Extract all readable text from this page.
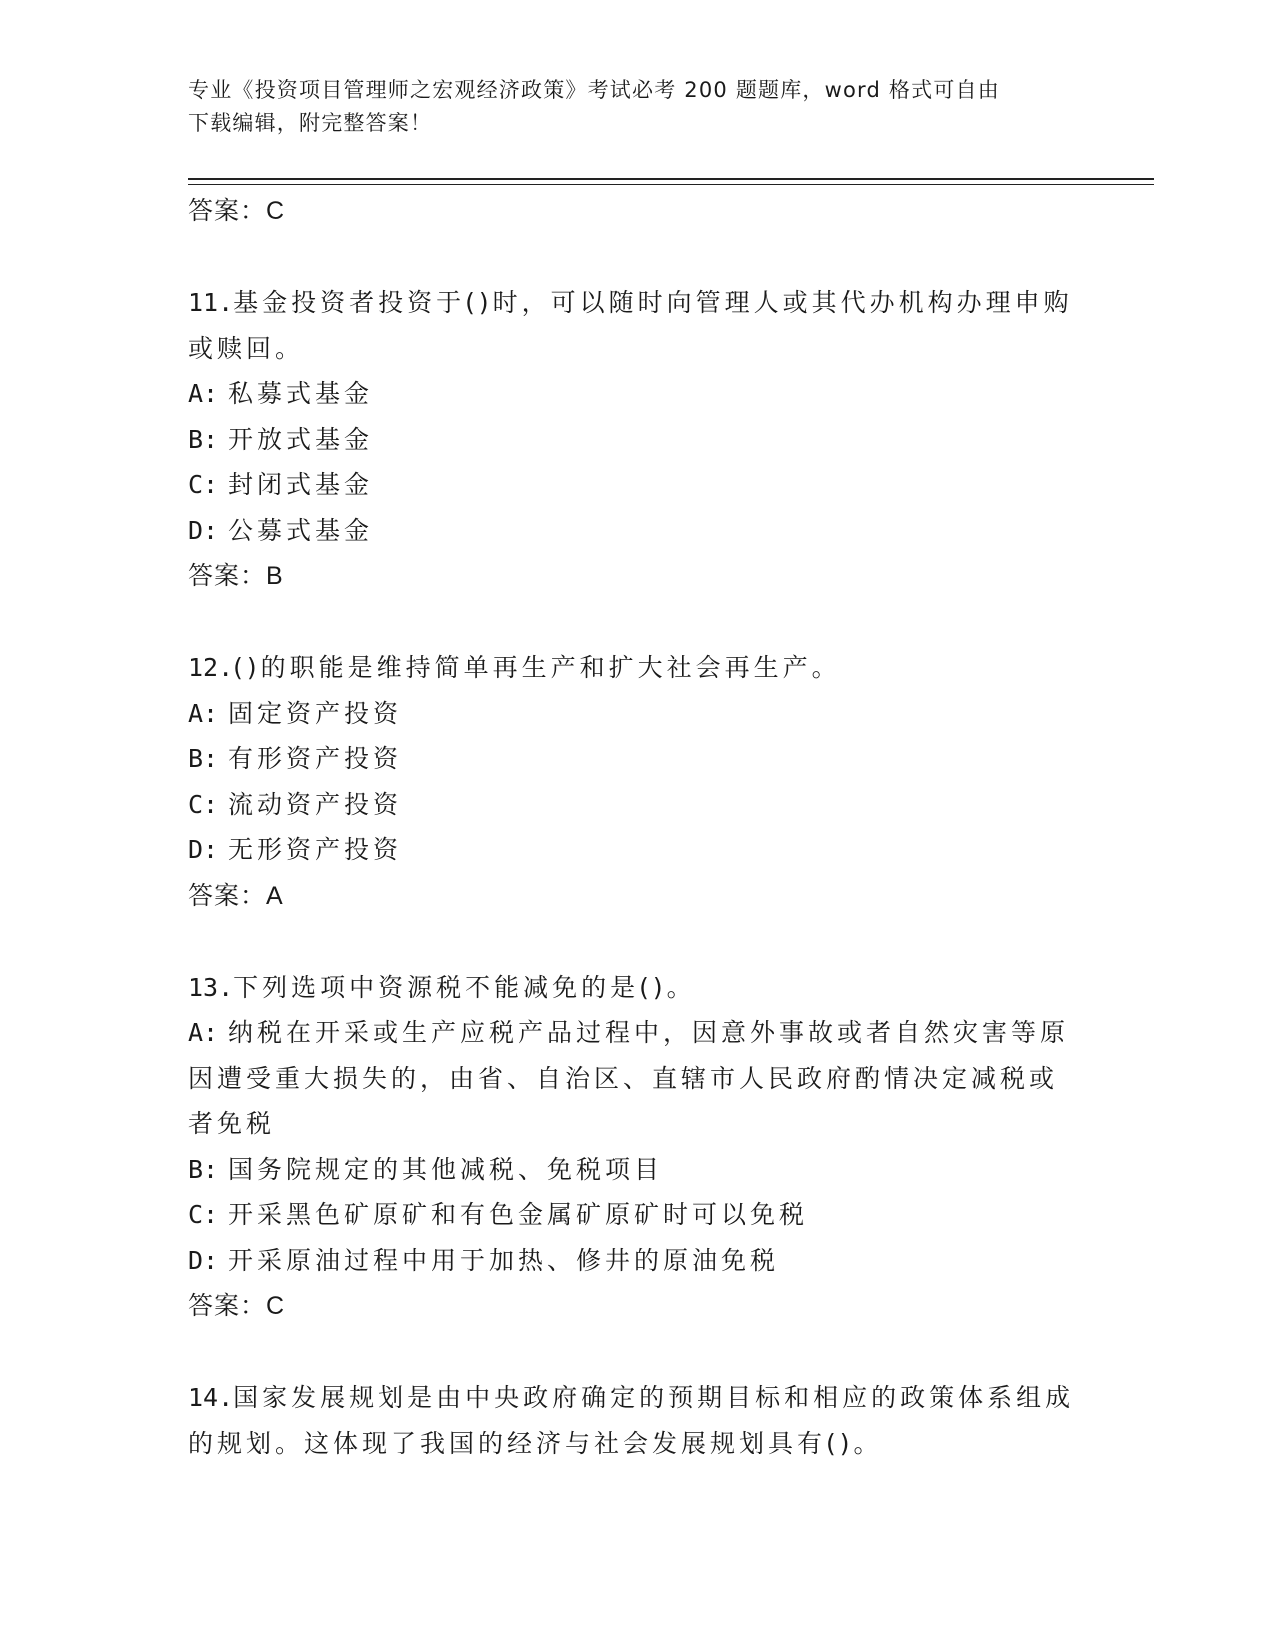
专业《投资项目管理师之宏观经济政策》考试必考 200 题题库，word 格式可自由
下载编辑，附完整答案！
答案：C
11.基金投资者投资于()时，可以随时向管理人或其代办机构办理申购
或赎回。
A: 私募式基金
B: 开放式基金
C: 封闭式基金
D: 公募式基金
答案：B
12.()的职能是维持简单再生产和扩大社会再生产。
A: 固定资产投资
B: 有形资产投资
C: 流动资产投资
D: 无形资产投资
答案：A
13.下列选项中资源税不能减免的是()。
A: 纳税在开采或生产应税产品过程中，因意外事故或者自然灾害等原
因遭受重大损失的，由省、自治区、直辖市人民政府酌情决定减税或
者免税
B: 国务院规定的其他减税、免税项目
C: 开采黑色矿原矿和有色金属矿原矿时可以免税
D: 开采原油过程中用于加热、修井的原油免税
答案：C
14.国家发展规划是由中央政府确定的预期目标和相应的政策体系组成
的规划。这体现了我国的经济与社会发展规划具有()。
